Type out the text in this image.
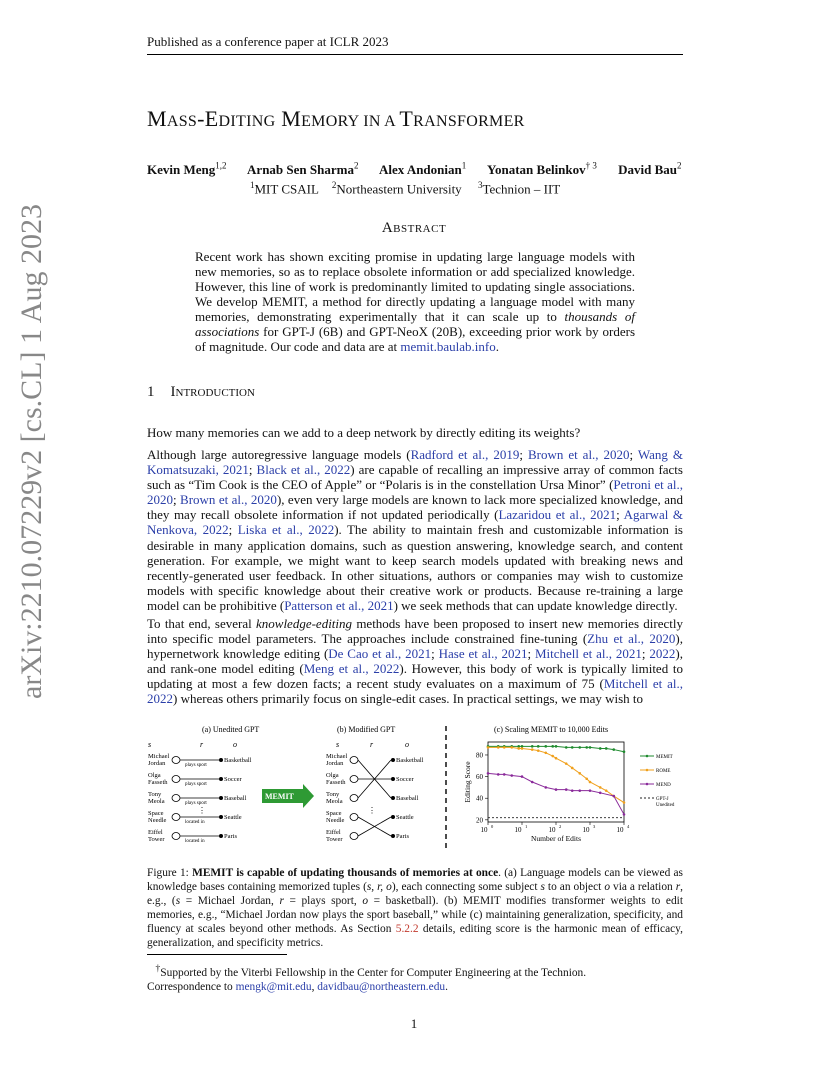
Published as a conference paper at ICLR 2023
MASS-EDITING MEMORY IN A TRANSFORMER
Kevin Meng$^{1,2}$ Arnab Sen Sharma$^2$ Alex Andonian$^1$ Yonatan Belinkov$^{\dagger 3}$ David Bau$^2$
$^1$MIT CSAIL $^2$Northeastern University $^3$Technion – IIT
ABSTRACT
Recent work has shown exciting promise in updating large language models with new memories, so as to replace obsolete information or add specialized knowledge. However, this line of work is predominantly limited to updating single associations. We develop MEMIT, a method for directly updating a language model with many memories, demonstrating experimentally that it can scale up to thousands of associations for GPT-J (6B) and GPT-NeoX (20B), exceeding prior work by orders of magnitude. Our code and data are at memit.baulab.info.
arXiv:2210.07229v2 [cs.CL] 1 Aug 2023	1 INTRODUCTION
How many memories can we add to a deep network by directly editing its weights?
Although large autoregressive language models (Radford et al., 2019; Brown et al., 2020; Wang & Komatsuzaki, 2021; Black et al., 2022) are capable of recalling an impressive array of common facts such as “Tim Cook is the CEO of Apple” or “Polaris is in the constellation Ursa Minor” (Petroni et al., 2020; Brown et al., 2020), even very large models are known to lack more specialized knowledge, and they may recall obsolete information if not updated periodically (Lazaridou et al., 2021; Agarwal & Nenkova, 2022; Liska et al., 2022). The ability to maintain fresh and customizable information is desirable in many application domains, such as question answering, knowledge search, and content generation. For example, we might want to keep search models updated with breaking news and recently-generated user feedback. In other situations, authors or companies may wish to customize models with specific knowledge about their creative work or products. Because re-training a large model can be prohibitive (Patterson et al., 2021) we seek methods that can update knowledge directly.
To that end, several knowledge-editing methods have been proposed to insert new memories directly into specific model parameters. The approaches include constrained fine-tuning (Zhu et al., 2020), hypernetwork knowledge editing (De Cao et al., 2021; Hase et al., 2021; Mitchell et al., 2021; 2022), and rank-one model editing (Meng et al., 2022). However, this body of work is typically limited to updating at most a few dozen facts; a recent study evaluates on a maximum of 75 (Mitchell et al., 2022) whereas others primarily focus on single-edit cases. In practical settings, we may wish to
(a) Unedited GPT	(b) Modified GPT	(c) Scaling MEMIT to 10,000 Edits
s	r	o
Michael
Jordan	plays sport
Basketball
Olga
Fasseth	plays sport
Soccer
Tony
Meola	plays sport
Baseball
Space
Needle	located in
Seattle
Eiffel
Tower	located in
Paris
⋮
MEMIT
s	r	o
Michael
Jordan	Basketball
Olga
Fasseth	Soccer
Tony
Meola	Baseball
Space
Needle	Seattle
Eiffel
Tower	Paris
⋮
20
40
60
80
10 0	10 1	10 2	10 3	10 4
Number of Edits
Editing Score
MEMIT
ROME
MEND
GPT-J
Unedited
Figure 1: MEMIT is capable of updating thousands of memories at once. (a) Language models can be viewed as knowledge bases containing memorized tuples (s, r, o), each connecting some subject s to an object o via a relation r, e.g., (s = Michael Jordan, r = plays sport, o = basketball). (b) MEMIT modifies transformer weights to edit memories, e.g., “Michael Jordan now plays the sport baseball,” while (c) maintaining generalization, specificity, and fluency at scales beyond other methods. As Section 5.2.2 details, editing score is the harmonic mean of efficacy, generalization, and specificity metrics.
†Supported by the Viterbi Fellowship in the Center for Computer Engineering at the Technion.
Correspondence to mengk@mit.edu, davidbau@northeastern.edu.
1
